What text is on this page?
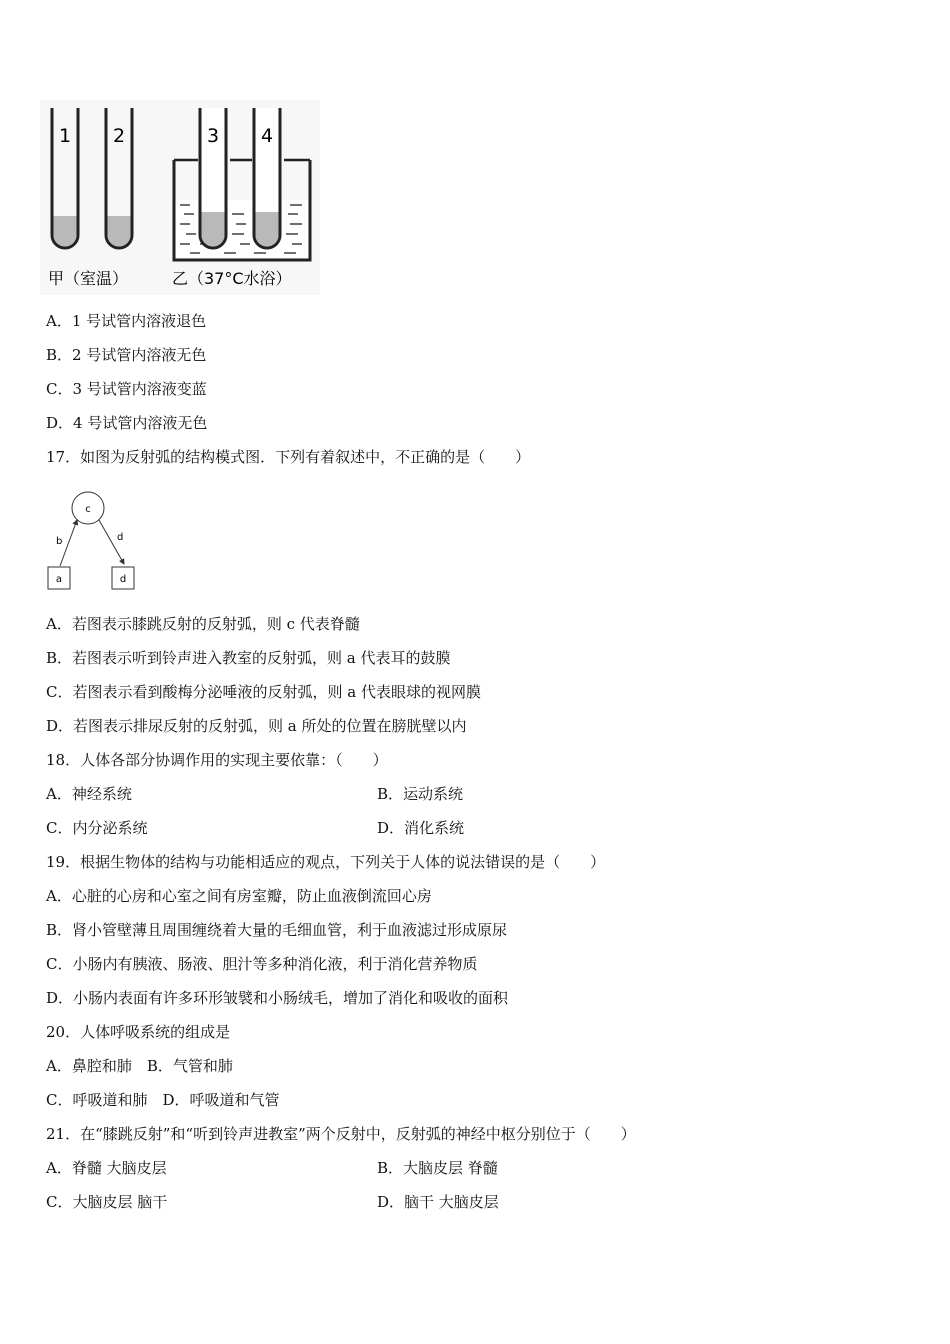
1 2	3 4
甲（室温）	乙（37°C水浴）
A．1 号试管内溶液退色
B．2 号试管内溶液无色
C．3 号试管内溶液变蓝
D．4 号试管内溶液无色
17．如图为反射弧的结构模式图．下列有着叙述中，不正确的是（　　）
c
b	d
a	d
A．若图表示膝跳反射的反射弧，则 c 代表脊髓
B．若图表示听到铃声进入教室的反射弧，则 a 代表耳的鼓膜
C．若图表示看到酸梅分泌唾液的反射弧，则 a 代表眼球的视网膜
D．若图表示排尿反射的反射弧，则 a 所处的位置在膀胱壁以内
18．人体各部分协调作用的实现主要依靠：（　　）
A．神经系统	B．运动系统
C．内分泌系统	D．消化系统
19．根据生物体的结构与功能相适应的观点，下列关于人体的说法错误的是（　　）
A．心脏的心房和心室之间有房室瓣，防止血液倒流回心房
B．肾小管壁薄且周围缠绕着大量的毛细血管，利于血液滤过形成原尿
C．小肠内有胰液、肠液、胆汁等多种消化液，利于消化营养物质
D．小肠内表面有许多环形皱襞和小肠绒毛，增加了消化和吸收的面积
20．人体呼吸系统的组成是
A．鼻腔和肺　B．气管和肺
C．呼吸道和肺　D．呼吸道和气管
21．在“膝跳反射”和“听到铃声进教室”两个反射中，反射弧的神经中枢分别位于（　　）
A．脊髓 大脑皮层	B．大脑皮层 脊髓
C．大脑皮层 脑干	D．脑干 大脑皮层
